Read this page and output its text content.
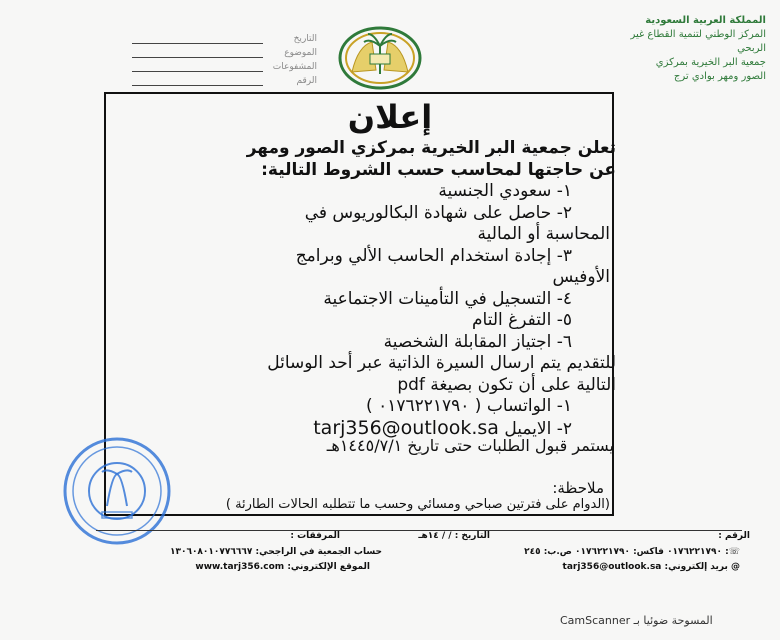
المملكة العربية السعودية
المركز الوطني لتنمية القطاع غير
الربحي
جمعية البر الخيرية بمركزي
الصور ومهر بوادي ترج
التاريخ
الموضوع
المشفوعات
الرقم
إعلان
تعلن جمعية البر الخيرية بمركزي الصور ومهر
عن حاجتها لمحاسب حسب الشروط التالية:
١- سعودي الجنسية
٢- حاصل على شهادة البكالوريوس في
المحاسبة أو المالية
٣- إجادة استخدام الحاسب الألي وبرامج
الأوفيس
٤- التسجيل في التأمينات الاجتماعية
٥- التفرغ التام
٦- اجتياز المقابلة الشخصية
للتقديم يتم ارسال السيرة الذاتية عبر أحد الوسائل
التالية على أن تكون بصيغة pdf
١- الواتساب ( ٠١٧٦٢٢١٧٩٠ )
٢- الايميل tarj356@outlook.sa
يستمر قبول الطلبات حتى تاريخ ١٤٤٥/٧/١هـ
ملاحظة:
(الدوام على فترتين صباحي ومسائي وحسب ما تتطلبه الحالات الطارئة )
الرقم :
التاريخ : / / ١٤هـ
المرفقات :
☏: ٠١٧٦٢٢١٧٩٠ فاكس: ٠١٧٦٢٢١٧٩٠ ص.ب: ٢٤٥
حساب الجمعية في الراجحي: ١٣٠٦٠٨٠١٠٧٧٦٦٦٧
@ بريد إلكتروني: tarj356@outlook.sa
الموقع الإلكتروني: www.tarj356.com
المسوحة ضوئيا بـ CamScanner
